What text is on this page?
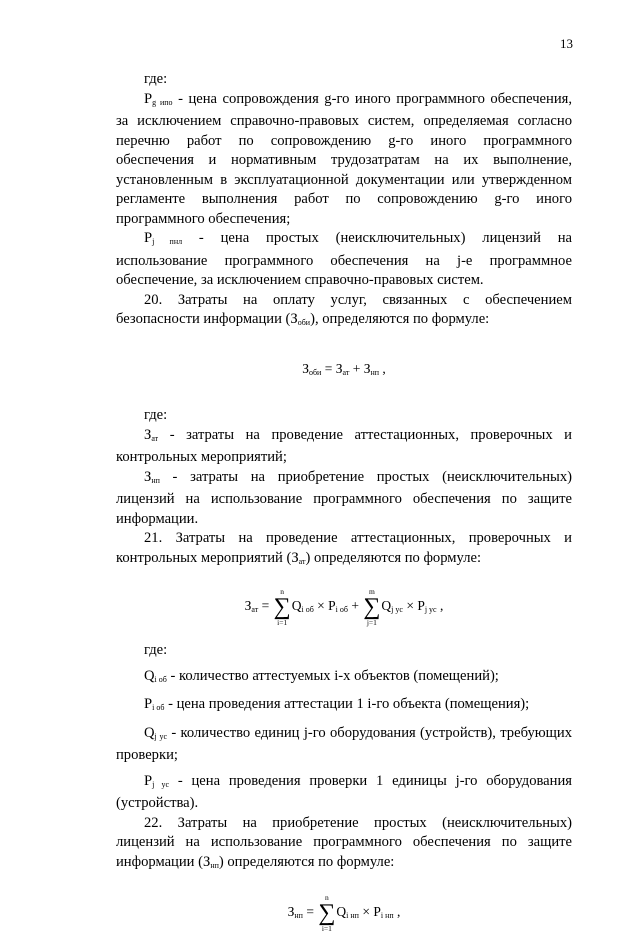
13

где:

$Р_{g ипо}$ - цена сопровождения g-го иного программного обеспечения, за исключением справочно-правовых систем, определяемая согласно перечню работ по сопровождению g-го иного программного обеспечения и нормативным трудозатратам на их выполнение, установленным в эксплуатационной документации или утвержденном регламенте выполнения работ по сопровождению g-го иного программного обеспечения;

$Р_{j пнл}$ - цена простых (неисключительных) лицензий на использование программного обеспечения на j-е программное обеспечение, за исключением справочно-правовых систем.

20. Затраты на оплату услуг, связанных с обеспечением безопасности информации $(З_{оби})$, определяются по формуле:

$З_{оби} = З_{ат} + З_{нп}$ ,

где:

$З_{ат}$ - затраты на проведение аттестационных, проверочных и контрольных мероприятий;

$З_{нп}$ - затраты на приобретение простых (неисключительных) лицензий на использование программного обеспечения по защите информации.

21. Затраты на проведение аттестационных, проверочных и контрольных мероприятий $(З_{ат})$ определяются по формуле:

$З_{ат}$ =
n
∑
i=1
$Q_{i об} \times Р_{i об}$ +
m
∑
j=1
$Q_{j ус} \times Р_{j ус}$ ,

где:

$Q_{i об}$ - количество аттестуемых i-х объектов (помещений);

$Р_{i об}$ - цена проведения аттестации 1 i-го объекта (помещения);

$Q_{j ус}$ - количество единиц j-го оборудования (устройств), требующих проверки;

$Р_{j ус}$ - цена проведения проверки 1 единицы j-го оборудования (устройства).

22. Затраты на приобретение простых (неисключительных) лицензий на использование программного обеспечения по защите информации $(З_{нп})$ определяются по формуле:

$З_{нп}$ =
n
∑
i=1
$Q_{i нп} \times Р_{i нп}$ ,
